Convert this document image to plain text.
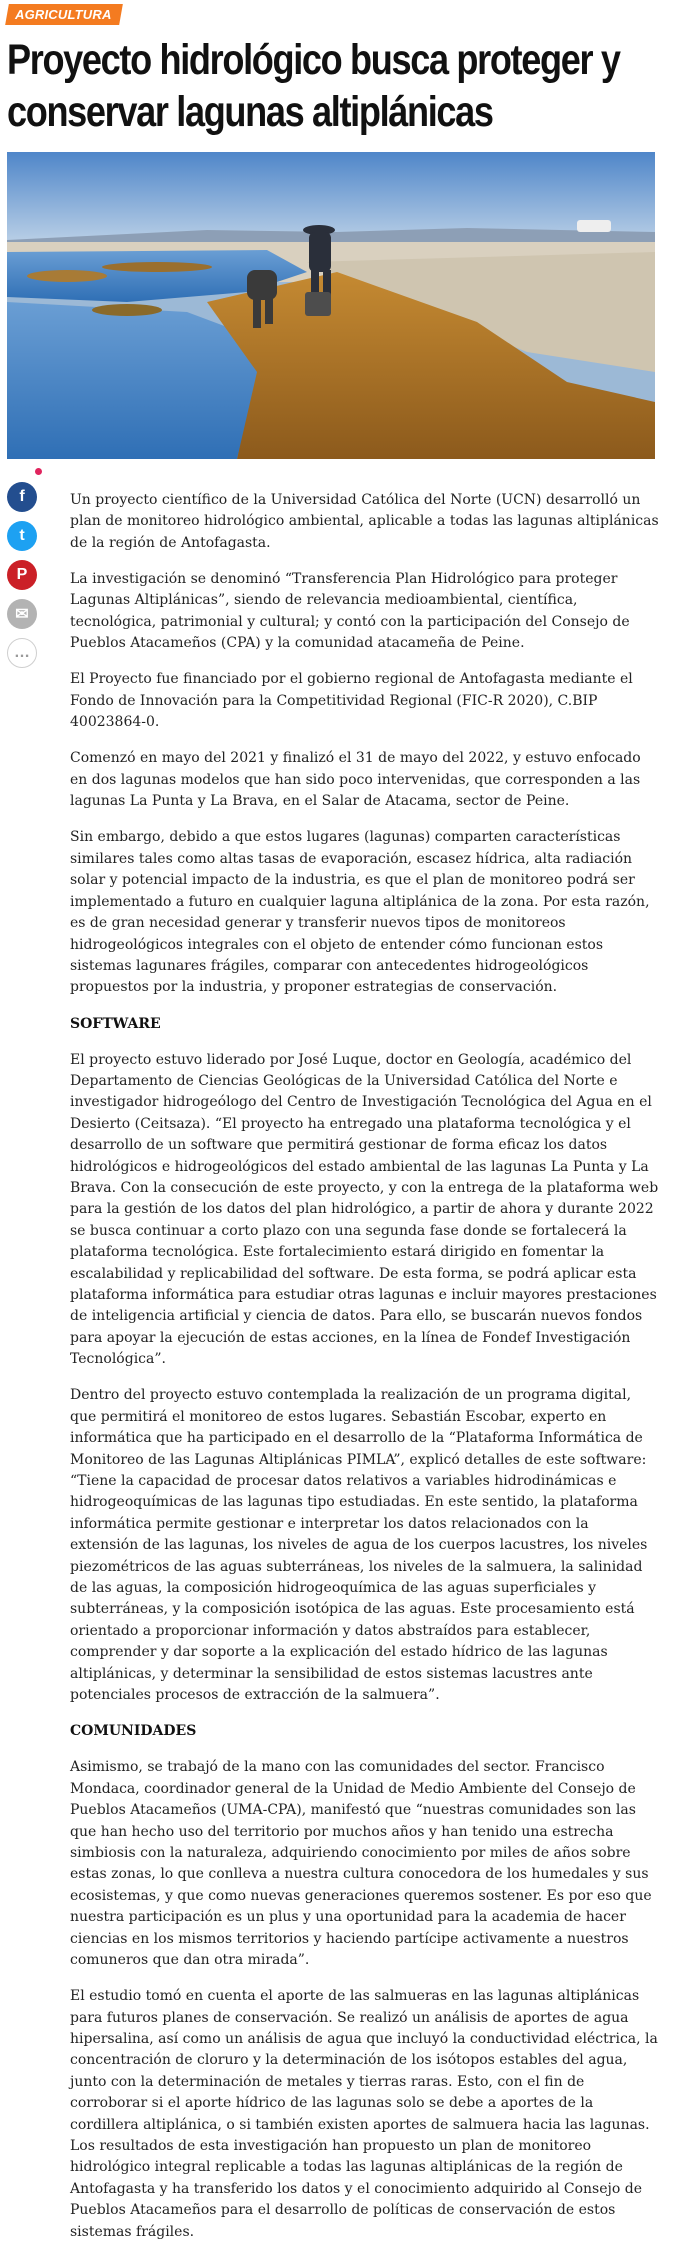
AGRICULTURA
Proyecto hidrológico busca proteger y conservar lagunas altiplánicas
f
t
P
✉
…

Un proyecto científico de la Universidad Católica del Norte (UCN) desarrolló un plan de monitoreo hidrológico ambiental, aplicable a todas las lagunas altiplánicas de la región de Antofagasta.

La investigación se denominó “Transferencia Plan Hidrológico para proteger Lagunas Altiplánicas”, siendo de relevancia medioambiental, científica, tecnológica, patrimonial y cultural; y contó con la participación del Consejo de Pueblos Atacameños (CPA) y la comunidad atacameña de Peine.

El Proyecto fue financiado por el gobierno regional de Antofagasta mediante el Fondo de Innovación para la Competitividad Regional (FIC-R 2020), C.BIP 40023864-0.

Comenzó en mayo del 2021 y finalizó el 31 de mayo del 2022, y estuvo enfocado en dos lagunas modelos que han sido poco intervenidas, que corresponden a las lagunas La Punta y La Brava, en el Salar de Atacama, sector de Peine.

Sin embargo, debido a que estos lugares (lagunas) comparten características similares tales como altas tasas de evaporación, escasez hídrica, alta radiación solar y potencial impacto de la industria, es que el plan de monitoreo podrá ser implementado a futuro en cualquier laguna altiplánica de la zona. Por esta razón, es de gran necesidad generar y transferir nuevos tipos de monitoreos hidrogeológicos integrales con el objeto de entender cómo funcionan estos sistemas lagunares frágiles, comparar con antecedentes hidrogeológicos propuestos por la industria, y proponer estrategias de conservación.

SOFTWARE

El proyecto estuvo liderado por José Luque, doctor en Geología, académico del Departamento de Ciencias Geológicas de la Universidad Católica del Norte e investigador hidrogeólogo del Centro de Investigación Tecnológica del Agua en el Desierto (Ceitsaza). “El proyecto ha entregado una plataforma tecnológica y el desarrollo de un software que permitirá gestionar de forma eficaz los datos hidrológicos e hidrogeológicos del estado ambiental de las lagunas La Punta y La Brava. Con la consecución de este proyecto, y con la entrega de la plataforma web para la gestión de los datos del plan hidrológico, a partir de ahora y durante 2022 se busca continuar a corto plazo con una segunda fase donde se fortalecerá la plataforma tecnológica. Este fortalecimiento estará dirigido en fomentar la escalabilidad y replicabilidad del software. De esta forma, se podrá aplicar esta plataforma informática para estudiar otras lagunas e incluir mayores prestaciones de inteligencia artificial y ciencia de datos. Para ello, se buscarán nuevos fondos para apoyar la ejecución de estas acciones, en la línea de Fondef Investigación Tecnológica”.

Dentro del proyecto estuvo contemplada la realización de un programa digital, que permitirá el monitoreo de estos lugares. Sebastián Escobar, experto en informática que ha participado en el desarrollo de la “Plataforma Informática de Monitoreo de las Lagunas Altiplánicas PIMLA”, explicó detalles de este software: “Tiene la capacidad de procesar datos relativos a variables hidrodinámicas e hidrogeoquímicas de las lagunas tipo estudiadas. En este sentido, la plataforma informática permite gestionar e interpretar los datos relacionados con la extensión de las lagunas, los niveles de agua de los cuerpos lacustres, los niveles piezométricos de las aguas subterráneas, los niveles de la salmuera, la salinidad de las aguas, la composición hidrogeoquímica de las aguas superficiales y subterráneas, y la composición isotópica de las aguas. Este procesamiento está orientado a proporcionar información y datos abstraídos para establecer, comprender y dar soporte a la explicación del estado hídrico de las lagunas altiplánicas, y determinar la sensibilidad de estos sistemas lacustres ante potenciales procesos de extracción de la salmuera”.

COMUNIDADES

Asimismo, se trabajó de la mano con las comunidades del sector. Francisco Mondaca, coordinador general de la Unidad de Medio Ambiente del Consejo de Pueblos Atacameños (UMA-CPA), manifestó que “nuestras comunidades son las que han hecho uso del territorio por muchos años y han tenido una estrecha simbiosis con la naturaleza, adquiriendo conocimiento por miles de años sobre estas zonas, lo que conlleva a nuestra cultura conocedora de los humedales y sus ecosistemas, y que como nuevas generaciones queremos sostener. Es por eso que nuestra participación es un plus y una oportunidad para la academia de hacer ciencias en los mismos territorios y haciendo partícipe activamente a nuestros comuneros que dan otra mirada”.

El estudio tomó en cuenta el aporte de las salmueras en las lagunas altiplánicas para futuros planes de conservación. Se realizó un análisis de aportes de agua hipersalina, así como un análisis de agua que incluyó la conductividad eléctrica, la concentración de cloruro y la determinación de los isótopos estables del agua, junto con la determinación de metales y tierras raras. Esto, con el fin de corroborar si el aporte hídrico de las lagunas solo se debe a aportes de la cordillera altiplánica, o si también existen aportes de salmuera hacia las lagunas. Los resultados de esta investigación han propuesto un plan de monitoreo hidrológico integral replicable a todas las lagunas altiplánicas de la región de Antofagasta y ha transferido los datos y el conocimiento adquirido al Consejo de Pueblos Atacameños para el desarrollo de políticas de conservación de estos sistemas frágiles.
